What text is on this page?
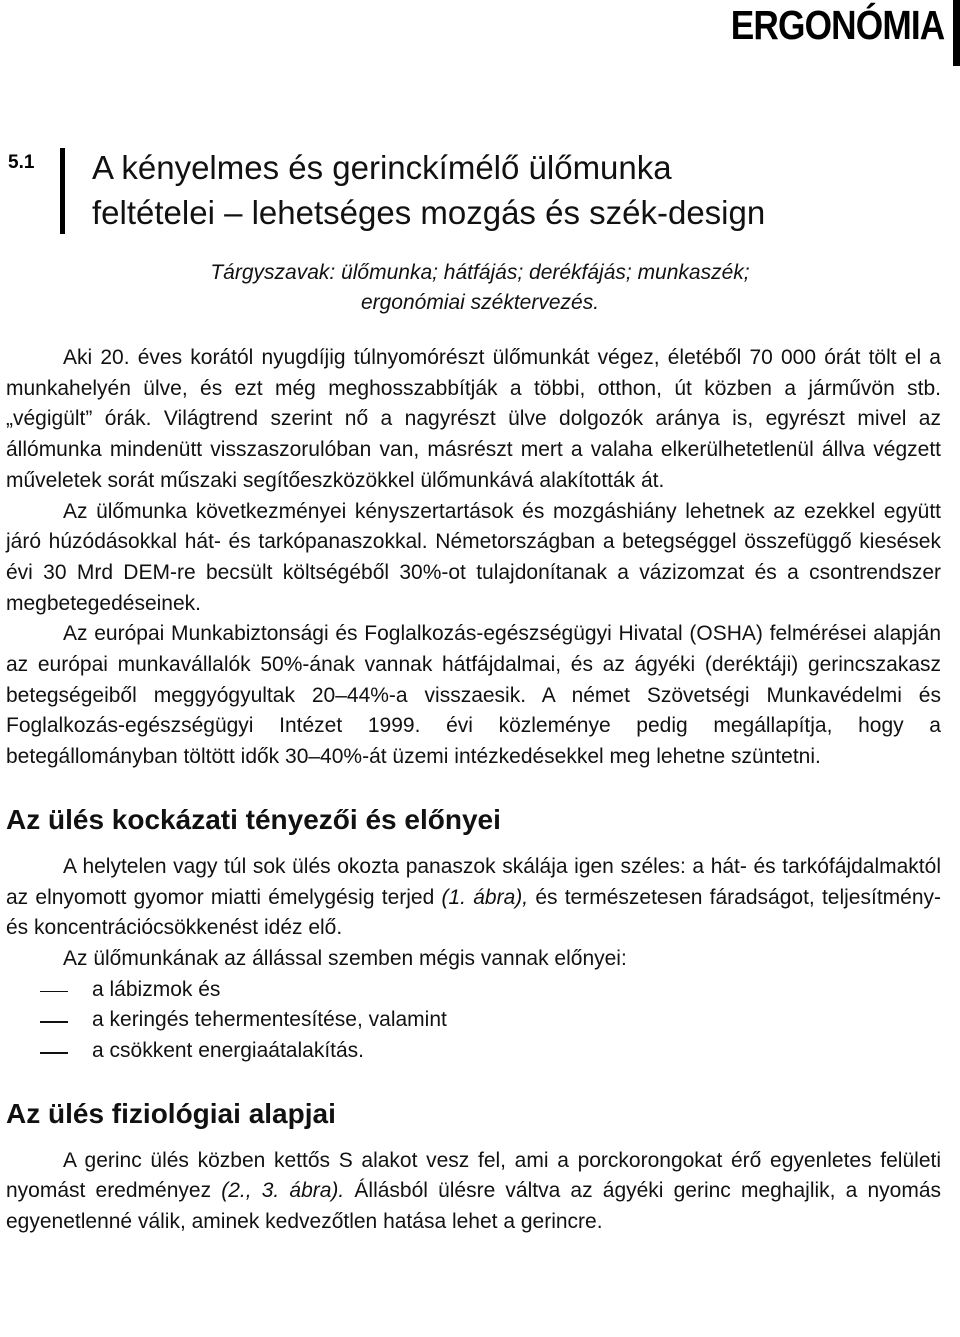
ERGONÓMIA
5.1 A kényelmes és gerinckímélő ülőmunka
feltételei – lehetséges mozgás és szék-design
Tárgyszavak: ülőmunka; hátfájás; derékfájás; munkaszék;
ergonómiai széktervezés.

Aki 20. éves korától nyugdíjig túlnyomórészt ülőmunkát végez, életéből 70 000 órát tölt el a munkahelyén ülve, és ezt még meghosszabbítják a többi, otthon, út közben a járművön stb. „végigült” órák. Világtrend szerint nő a nagyrészt ülve dolgozók aránya is, egyrészt mivel az állómunka mindenütt visszaszorulóban van, másrészt mert a valaha elkerülhetetlenül állva végzett műveletek sorát műszaki segítőeszközökkel ülőmunkává alakították át.

Az ülőmunka következményei kényszertartások és mozgáshiány lehetnek az ezekkel együtt járó húzódásokkal hát- és tarkópanaszokkal. Németországban a betegséggel összefüggő kiesések évi 30 Mrd DEM-re becsült költségéből 30%-ot tulajdonítanak a vázizomzat és a csontrendszer megbetegedéseinek.

Az európai Munkabiztonsági és Foglalkozás-egészségügyi Hivatal (OSHA) felmérései alapján az európai munkavállalók 50%-ának vannak hátfájdalmai, és az ágyéki (deréktáji) gerincszakasz betegségeiből meggyógyultak 20–44%-a visszaesik. A német Szövetségi Munkavédelmi és Foglalkozás-egészségügyi Intézet 1999. évi közleménye pedig megállapítja, hogy a betegállományban töltött idők 30–40%-át üzemi intézkedésekkel meg lehetne szüntetni.

Az ülés kockázati tényezői és előnyei

A helytelen vagy túl sok ülés okozta panaszok skálája igen széles: a hát- és tarkófájdalmaktól az elnyomott gyomor miatti émelygésig terjed (1. ábra), és természetesen fáradságot, teljesítmény- és koncentrációcsökkenést idéz elő.

Az ülőmunkának az állással szemben mégis vannak előnyei:

a lábizmok és
a keringés tehermentesítése, valamint
a csökkent energiaátalakítás.
Az ülés fiziológiai alapjai

A gerinc ülés közben kettős S alakot vesz fel, ami a porckorongokat érő egyenletes felületi nyomást eredményez (2., 3. ábra). Állásból ülésre váltva az ágyéki gerinc meghajlik, a nyomás egyenetlenné válik, aminek kedvezőtlen hatása lehet a gerincre.
